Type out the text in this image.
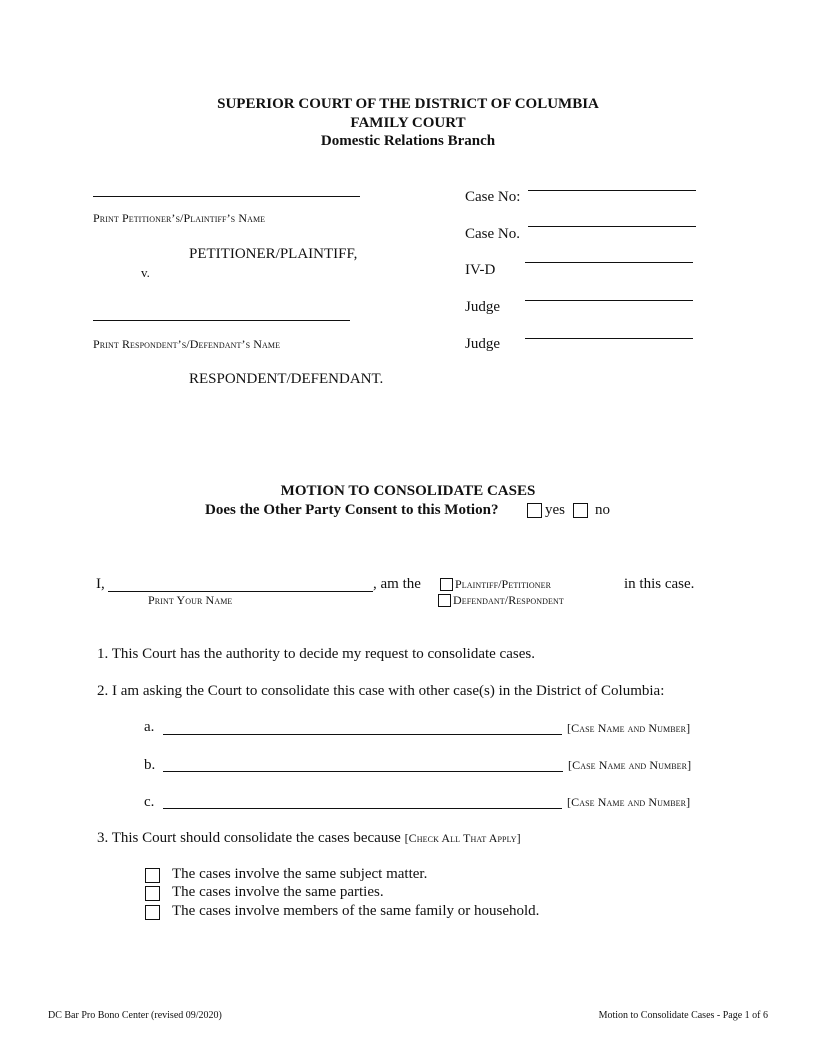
SUPERIOR COURT OF THE DISTRICT OF COLUMBIA
FAMILY COURT
Domestic Relations Branch
Print Petitioner’s/Plaintiff’s Name
PETITIONER/PLAINTIFF,
v.
Print Respondent’s/Defendant’s Name
RESPONDENT/DEFENDANT.
Case No:
Case No.
IV-D
Judge
Judge
MOTION TO CONSOLIDATE CASES
Does the Other Party Consent to this Motion?	yes no
I,	, am the
Print Your Name
Plaintiff/Petitioner
Defendant/Respondent
in this case.
1. This Court has the authority to decide my request to consolidate cases.
2. I am asking the Court to consolidate this case with other case(s) in the District of Columbia:
a.	[Case Name and Number]
b.	[Case Name and Number]
c.	[Case Name and Number]
3. This Court should consolidate the cases because [Check All That Apply]
The cases involve the same subject matter.
The cases involve the same parties.
The cases involve members of the same family or household.
DC Bar Pro Bono Center (revised 09/2020)	Motion to Consolidate Cases - Page 1 of 6
